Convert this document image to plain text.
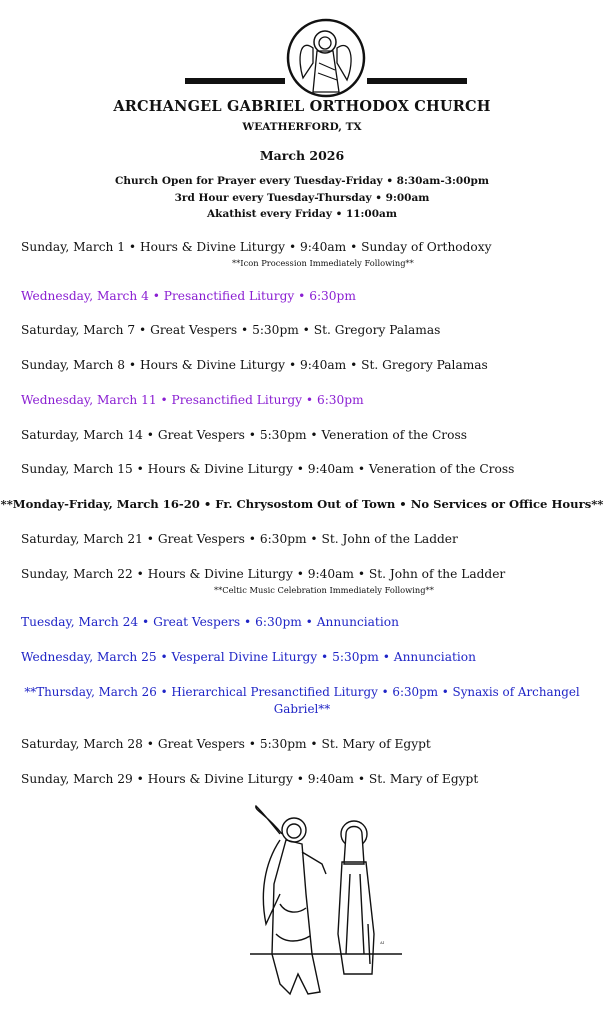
ARCHANGEL GABRIEL ORTHODOX CHURCH
WEATHERFORD, TX
March 2026
Church Open for Prayer every Tuesday-Friday • 8:30am-3:00pm
3rd Hour every Tuesday-Thursday • 9:00am
Akathist every Friday • 11:00am
Sunday, March 1 • Hours & Divine Liturgy • 9:40am • Sunday of Orthodoxy
**Icon Procession Immediately Following**
Wednesday, March 4 • Presanctified Liturgy • 6:30pm
Saturday, March 7 • Great Vespers • 5:30pm • St. Gregory Palamas
Sunday, March 8 • Hours & Divine Liturgy • 9:40am • St. Gregory Palamas
Wednesday, March 11 • Presanctified Liturgy • 6:30pm
Saturday, March 14 • Great Vespers • 5:30pm • Veneration of the Cross
Sunday, March 15 • Hours & Divine Liturgy • 9:40am • Veneration of the Cross
**Monday-Friday, March 16-20 • Fr. Chrysostom Out of Town • No Services or Office Hours**
Saturday, March 21 • Great Vespers • 6:30pm • St. John of the Ladder
Sunday, March 22 • Hours & Divine Liturgy • 9:40am • St. John of the Ladder
**Celtic Music Celebration Immediately Following**
Tuesday, March 24 • Great Vespers • 6:30pm • Annunciation
Wednesday, March 25 • Vesperal Divine Liturgy • 5:30pm • Annunciation
**Thursday, March 26 • Hierarchical Presanctified Liturgy • 6:30pm • Synaxis of Archangel
Gabriel**
Saturday, March 28 • Great Vespers • 5:30pm • St. Mary of Egypt
Sunday, March 29 • Hours & Divine Liturgy • 9:40am • St. Mary of Egypt
ᴬᴵ
